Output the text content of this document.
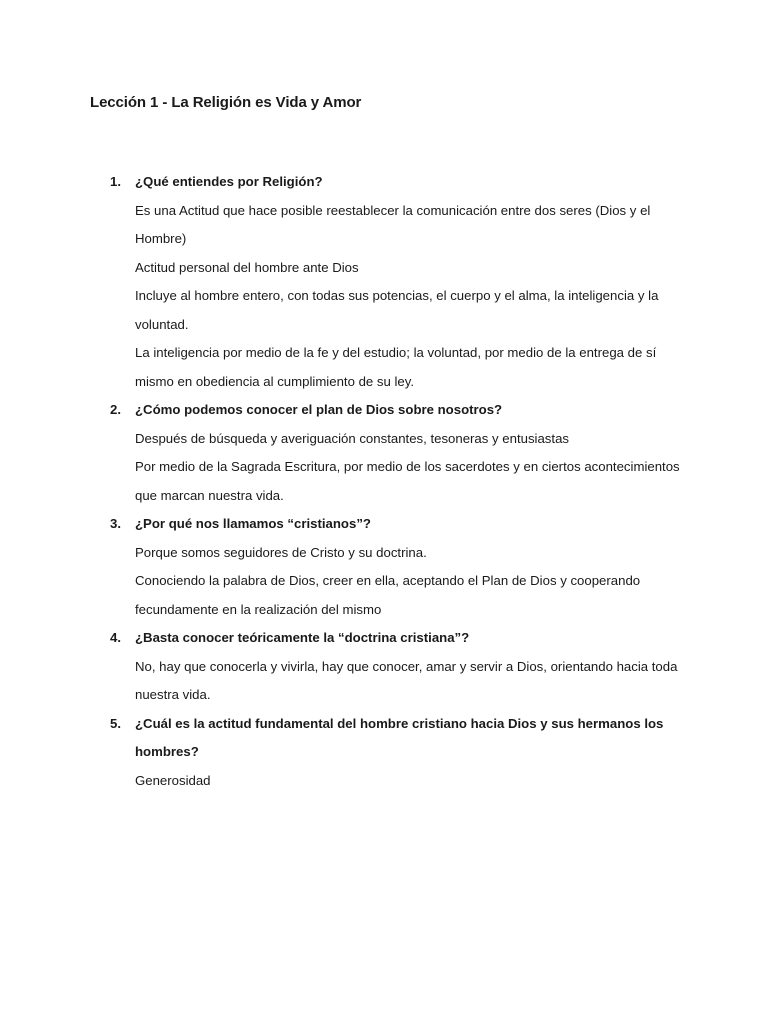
Lección 1 - La Religión es Vida y Amor
1. ¿Qué entiendes por Religión?

Es una Actitud que hace posible reestablecer la comunicación entre dos seres (Dios y el Hombre)

Actitud personal del hombre ante Dios

Incluye al hombre entero, con todas sus potencias, el cuerpo y el alma, la inteligencia y la voluntad.

La inteligencia por medio de la fe y del estudio; la voluntad, por medio de la entrega de sí mismo en obediencia al cumplimiento de su ley.

2. ¿Cómo podemos conocer el plan de Dios sobre nosotros?

Después de búsqueda y averiguación constantes, tesoneras y entusiastas

Por medio de la Sagrada Escritura, por medio de los sacerdotes y en ciertos acontecimientos que marcan nuestra vida.

3. ¿Por qué nos llamamos “cristianos”?

Porque somos seguidores de Cristo y su doctrina.

Conociendo la palabra de Dios, creer en ella, aceptando el Plan de Dios y cooperando fecundamente en la realización del mismo

4. ¿Basta conocer teóricamente la “doctrina cristiana”?

No, hay que conocerla y vivirla, hay que conocer, amar y servir a Dios, orientando hacia toda nuestra vida.

5. ¿Cuál es la actitud fundamental del hombre cristiano hacia Dios y sus hermanos los hombres?

Generosidad
